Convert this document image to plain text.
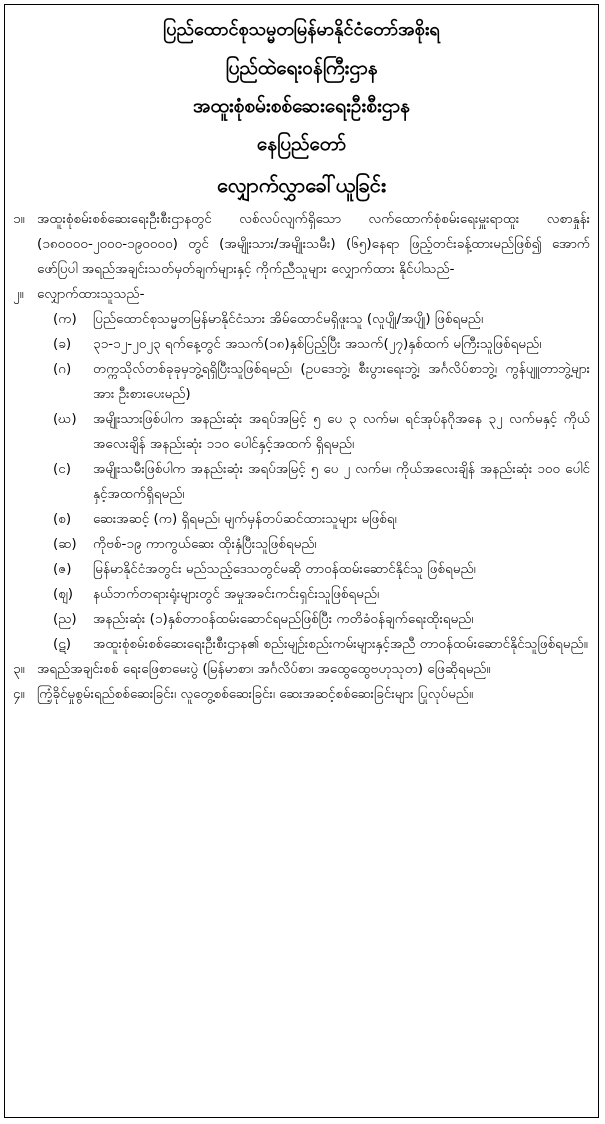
ပြည်ထောင်စုသမ္မတမြန်မာနိုင်ငံတော်အစိုးရ
ပြည်ထဲရေးဝန်ကြီးဌာန
အထူးစုံစမ်းစစ်ဆေးရေးဦးစီးဌာန
နေပြည်တော်
လျှောက်လွှာခေါ်ယူခြင်း
၁။ အထူးစုံစမ်းစစ်ဆေးရေးဦးစီးဌာနတွင် လစ်လပ်လျက်ရှိသော လက်ထောက်စုံစမ်းရေးမှူးရာထူး လစာနှုန်း (၁၈၀၀၀၀-၂၀၀၀-၁၉၀၀၀၀) တွင် (အမျိုးသား/အမျိုးသမီး) (၆၅)နေရာ ဖြည့်တင်းခန့်ထားမည်ဖြစ်၍ အောက်ဖော်ပြပါ အရည်အချင်းသတ်မှတ်ချက်များနှင့် ကိုက်ညီသူများ လျှောက်ထား နိုင်ပါသည်-
၂။ လျှောက်ထားသူသည်-
(က)	ပြည်ထောင်စုသမ္မတမြန်မာနိုင်ငံသား အိမ်ထောင်မရှိဖူးသူ (လူပျို/အပျို) ဖြစ်ရမည်၊
(ခ)	၃၁-၁၂-၂၀၂၃ ရက်နေ့တွင် အသက်(၁၈)နှစ်ပြည့်ပြီး အသက်(၂၇)နှစ်ထက် မကြီးသူဖြစ်ရမည်၊
(ဂ)	တက္ကသိုလ်တစ်ခုခုမှဘွဲ့ရရှိပြီးသူဖြစ်ရမည်၊ (ဥပဒေဘွဲ့၊ စီးပွားရေးဘွဲ့၊ အင်္ဂလိပ်စာဘွဲ့၊ ကွန်ပျူတာဘွဲ့များအား ဦးစားပေးမည်)
(ဃ)	အမျိုးသားဖြစ်ပါက အနည်းဆုံး အရပ်အမြင့် ၅ ပေ ၃ လက်မ၊ ရင်အုပ်နဂိုအနေ ၃၂ လက်မနှင့် ကိုယ်အလေးချိန် အနည်းဆုံး ၁၁၀ ပေါင်နှင့်အထက် ရှိရမည်၊
(င)	အမျိုးသမီးဖြစ်ပါက အနည်းဆုံး အရပ်အမြင့် ၅ ပေ ၂ လက်မ၊ ကိုယ်အလေးချိန် အနည်းဆုံး ၁၀၀ ပေါင်နှင့်အထက်ရှိရမည်၊
(စ)	ဆေးအဆင့် (က) ရှိရမည်၊ မျက်မှန်တပ်ဆင်ထားသူများ မဖြစ်ရ၊
(ဆ)	ကိုဗစ်-၁၉ ကာကွယ်ဆေး ထိုးနှံပြီးသူဖြစ်ရမည်၊
(ဇ)	မြန်မာနိုင်ငံအတွင်း မည်သည့်ဒေသတွင်မဆို တာဝန်ထမ်းဆောင်နိုင်သူ ဖြစ်ရမည်၊
(ဈ)	နယ်ဘက်တရားရုံးများတွင် အမှုအခင်းကင်းရှင်းသူဖြစ်ရမည်၊
(ည)	အနည်းဆုံး (၁)နှစ်တာဝန်ထမ်းဆောင်ရမည်ဖြစ်ပြီး ကတိခံဝန်ချက်ရေးထိုးရမည်၊
(ဋ)	အထူးစုံစမ်းစစ်ဆေးရေးဦးစီးဌာန၏ စည်းမျဉ်းစည်းကမ်းများနှင့်အညီ တာဝန်ထမ်းဆောင်နိုင်သူဖြစ်ရမည်။
၃။ အရည်အချင်းစစ် ရေးဖြေစာမေးပွဲ (မြန်မာစာ၊ အင်္ဂလိပ်စာ၊ အထွေထွေဗဟုသုတ) ဖြေဆိုရမည်။
၄။ ကြံ့ခိုင်မှုစွမ်းရည်စစ်ဆေးခြင်း၊ လူတွေ့စစ်ဆေးခြင်း၊ ဆေးအဆင့်စစ်ဆေးခြင်းများ ပြုလုပ်မည်။
